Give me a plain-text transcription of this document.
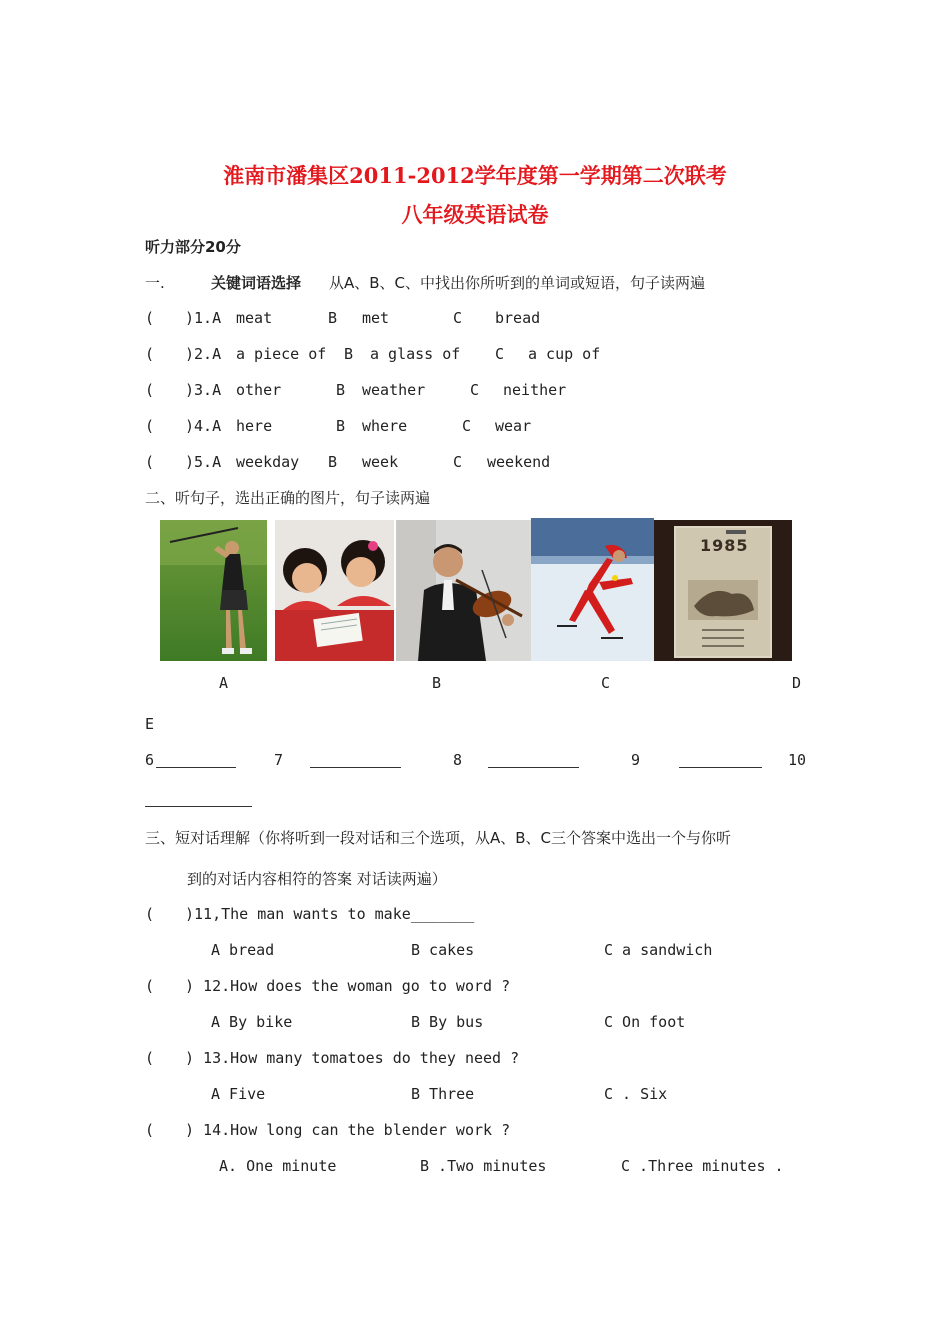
淮南市潘集区2011-2012学年度第一学期第二次联考
八年级英语试卷
听力部分20分
一.	关键词语选择 从A、B、C、中找出你所听到的单词或短语，句子读两遍
( )1.A meat	B met	C bread
( )2.A a piece of B a glass of C a cup of
( )3.A other	B weather	C neither
( )4.A here	B where	C wear
( )5.A weekday B week	C weekend
二、听句子，选出正确的图片，句子读两遍
1985
A	B	C	D
E
6	7	8	9	10
三、短对话理解（你将听到一段对话和三个选项，从A、B、C三个答案中选出一个与你听
到的对话内容相符的答案 对话读两遍）
( )11,The man wants to make _______
A bread	B cakes	C a sandwich
( ) 12.How does the woman go to word ?
A By bike	B By bus	C On foot
( ) 13.How many tomatoes do they need ?
A Five	B Three	C . Six
( ) 14.How long can the blender work ?
A. One minute	B .Two minutes	C .Three minutes .
